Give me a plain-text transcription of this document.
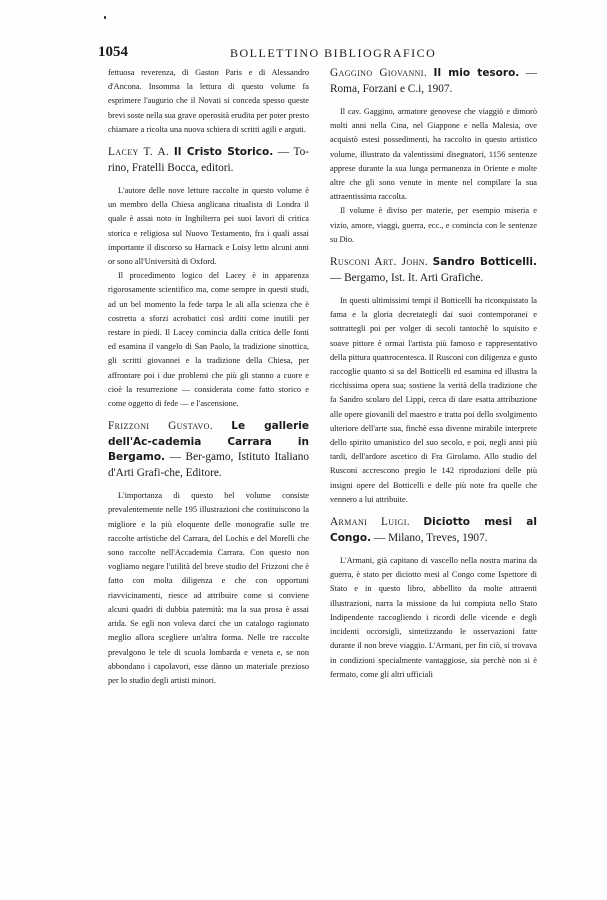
1054	BOLLETTINO BIBLIOGRAFICO

fettuosa reverenza, di Gaston Paris e di Alessandro d'Ancona. Insomma la lettura di questo volume fa esprimere l'augurio che il Novati si conceda spesso queste brevi soste nella sua grave operosità erudita per poter presto chiamare a ricolta una nuova schiera di scritti agili e arguti.

Lacey T. A. Il Cristo Storico. — To-rino, Fratelli Bocca, editori.

L'autore delle nove letture raccolte in questo volume è un membro della Chiesa anglicana ritualista di Londra il quale è assai noto in Inghilterra pei suoi lavori di critica storica e religiosa sul Nuovo Testamento, fra i quali assai importante il discorso su Harnack e Loisy letto alcuni anni or sono all'Università di Oxford.

Il procedimento logico del Lacey è in apparenza rigorosamente scientifico ma, come sempre in questi studi, ad un bel momento la fede tarpa le ali alla scienza che è costretta a sforzi acrobatici così arditi come inutili per restare in piedi. Il Lacey comincia dalla critica delle fonti ed esamina il vangelo di San Paolo, la tradizione sinottica, gli scritti giovannei e la tradizione della Chiesa, per affrontare poi i due problemi che più gli stanno a cuore e cioè la resurrezione — considerata come fatto storico e come oggetto di fede — e l'ascensione.

Frizzoni Gustavo. Le gallerie dell'Ac-cademia Carrara in Bergamo. — Ber-gamo, Istituto Italiano d'Arti Grafi-che, Editore.

L'importanza di questo bel volume consiste prevalentemente nelle 195 illustrazioni che costituiscono la migliore e la più eloquente delle monografie sulle tre raccolte artistiche del Carrara, del Lochis e del Morelli che sono raccolte nell'Accademia Carrara. Con questo non vogliamo negare l'utilità del breve studio del Frizzoni che è fatto con molta diligenza e che con opportuni riavvicinamenti, riesce ad attribuire come si conviene alcuni quadri di dubbia paternità: ma la sua prosa è assai arida. Se egli non voleva darci che un catalogo ragionato meglio allora scegliere un'altra forma. Nelle tre raccolte prevalgono le tele di scuola lombarda e veneta e, se non abbondano i capolavori, esse dànno un materiale prezioso per lo studio degli artisti minori.

Gaggino Giovanni. Il mio tesoro. — Roma, Forzani e C.i, 1907.

Il cav. Gaggino, armatore genovese che viaggiò e dimorò molti anni nella Cina, nel Giappone e nella Malesia, ove acquistò estesi possedimenti, ha raccolto in questo artistico volume, illustrato da valentissimi disegnatori, 1156 sentenze apprese durante la sua lunga permanenza in Oriente e molte altre che gli sono venute in mente nel compilare la sua attraentissima raccolta.

Il volume è diviso per materie, per esempio miseria e vizio, amore, viaggi, guerra, ecc., e comincia con le sentenze su Dio.

Rusconi Art. John. Sandro Botticelli. — Bergamo, Ist. It. Arti Grafiche.

In questi ultimissimi tempi il Botticelli ha riconquistato la fama e la gloria decretategli dai suoi contemporanei e sottrattegli poi per volger di secoli tantochè lo squisito e soave pittore è ormai l'artista più famoso e rappresentativo della pittura quattrocentesca. Il Rusconi con diligenza e gusto raccoglie quanto si sa del Botticelli ed esamina ed illustra la ricchissima opera sua; sostiene la verità della tradizione che fa Sandro scolaro del Lippi, cerca di dare esatta attribuzione alle opere giovanili del maestro e tratta poi dello svolgimento ulteriore dell'arte sua, finchè essa divenne mirabile interprete dello spirito umanistico del suo secolo, e poi, negli anni più tardi, dell'ardore ascetico di Fra Girolamo. Allo studio del Rusconi accrescono pregio le 142 riproduzioni delle più insigni opere del Botticelli e delle più note fra quelle che vennero a lui attribuite.

Armani Luigi. Diciotto mesi al Congo. — Milano, Treves, 1907.

L'Armani, già capitano di vascello nella nostra marina da guerra, è stato per diciotto mesi al Congo come Ispettore di Stato e in questo libro, abbellito da molte attraenti illustrazioni, narra la missione da lui compiuta nello Stato Indipendente raccogliendo i ricordi delle vicende e degli incidenti occorsigli, sintetizzando le osservazioni fatte durante il non breve viaggio. L'Armani, per fin ciò, si trovava in condizioni specialmente vantaggiose, sia perchè non si è fermato, come gli altri ufficiali
